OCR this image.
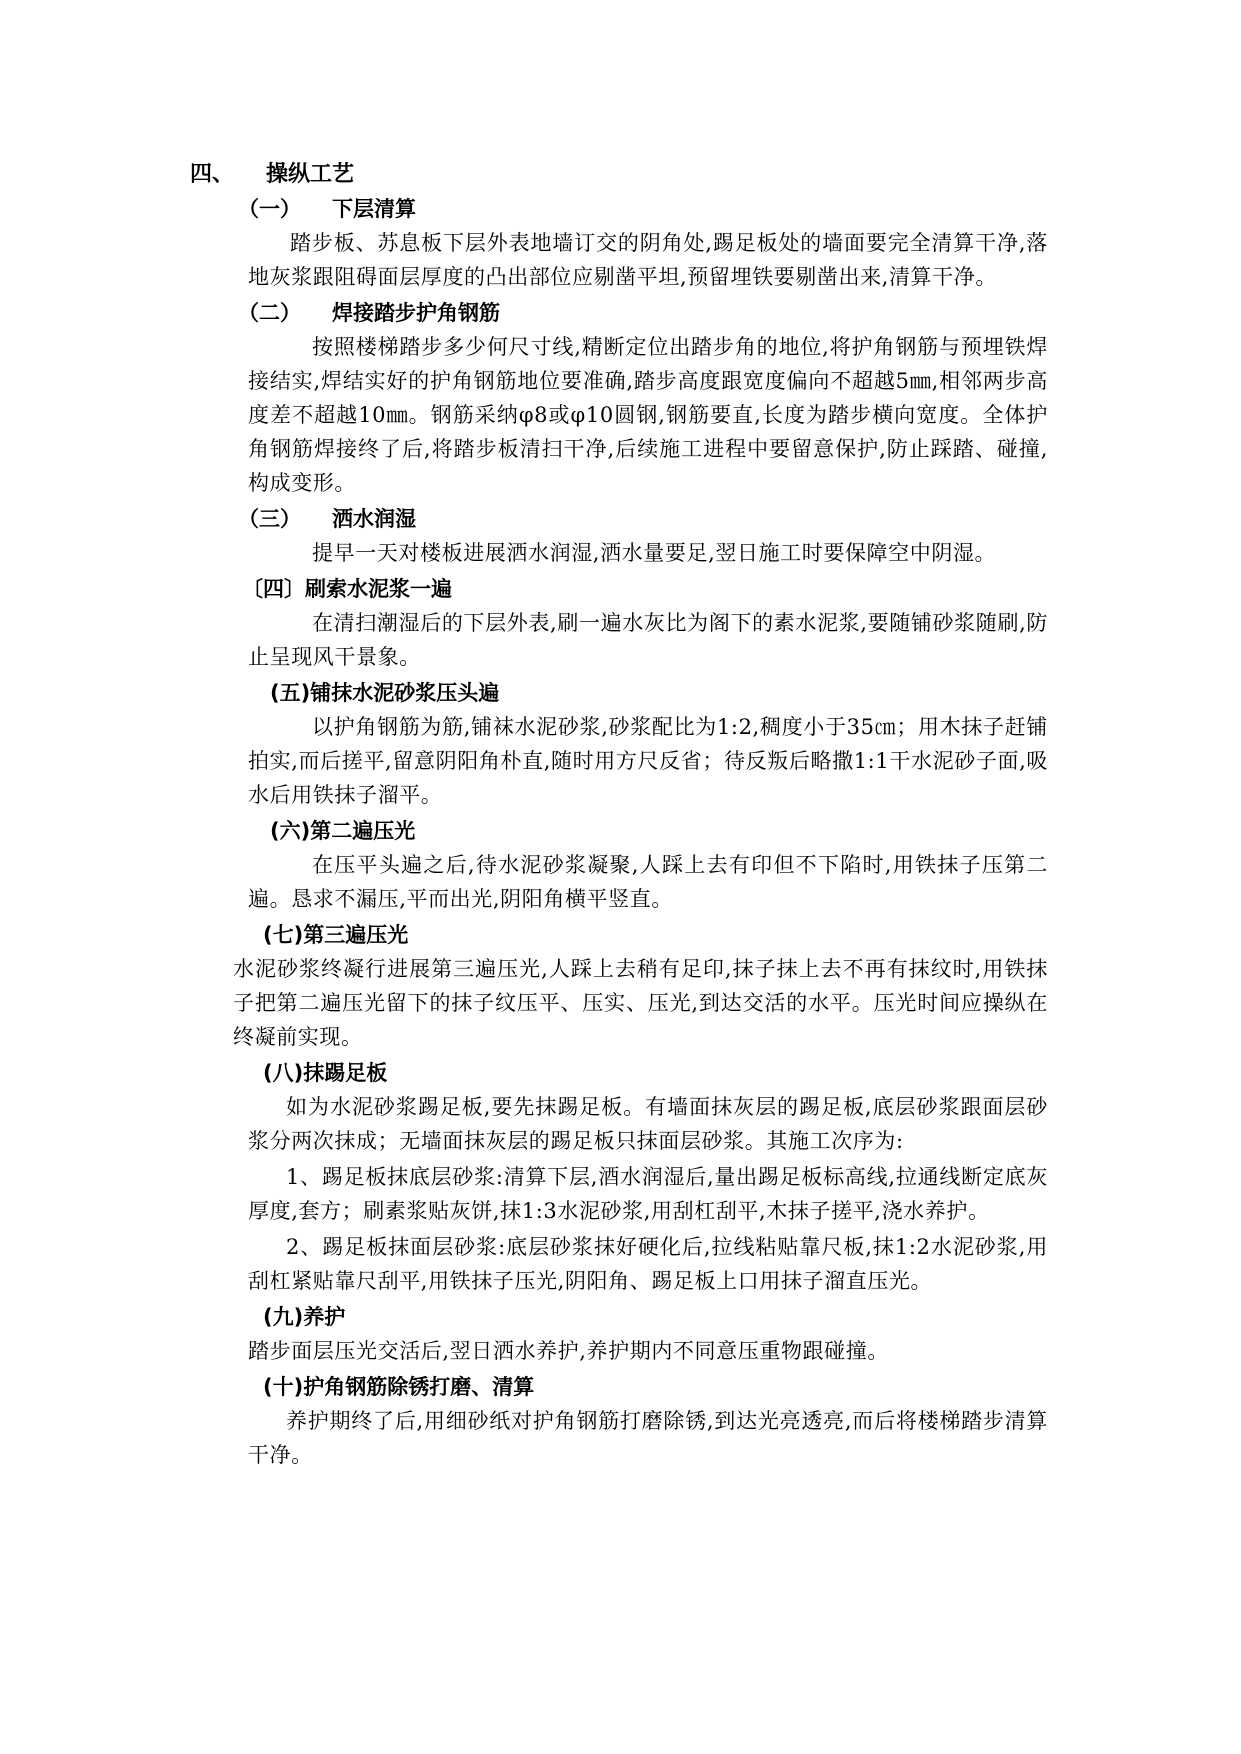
四、 操纵工艺
（一） 下层清算

踏步板、苏息板下层外表地墙订交的阴角处,踢足板处的墙面要完全清算干净,落地灰浆跟阻碍面层厚度的凸出部位应剔凿平坦,预留埋铁要剔凿出来,清算干净。

（二） 焊接踏步护角钢筋

按照楼梯踏步多少何尺寸线,精断定位出踏步角的地位,将护角钢筋与预埋铁焊接结实,焊结实好的护角钢筋地位要准确,踏步高度跟宽度偏向不超越5㎜,相邻两步高度差不超越10㎜。钢筋采纳φ8或φ10圆钢,钢筋要直,长度为踏步横向宽度。全体护角钢筋焊接终了后,将踏步板清扫干净,后续施工进程中要留意保护,防止踩踏、碰撞,构成变形。

（三） 洒水润湿

提早一天对楼板进展洒水润湿,洒水量要足,翌日施工时要保障空中阴湿。

〔四〕刷索水泥浆一遍

在清扫潮湿后的下层外表,刷一遍水灰比为阁下的素水泥浆,要随铺砂浆随刷,防止呈现风干景象。

(五)铺抹水泥砂浆压头遍

以护角钢筋为筋,铺袜水泥砂浆,砂浆配比为1:2,稠度小于35㎝；用木抹子赶铺拍实,而后搓平,留意阴阳角朴直,随时用方尺反省；待反叛后略撒1:1干水泥砂子面,吸水后用铁抹子溜平。

(六)第二遍压光

在压平头遍之后,待水泥砂浆凝聚,人踩上去有印但不下陷时,用铁抹子压第二遍。恳求不漏压,平而出光,阴阳角横平竖直。

(七)第三遍压光

水泥砂浆终凝行进展第三遍压光,人踩上去稍有足印,抹子抹上去不再有抹纹时,用铁抹子把第二遍压光留下的抹子纹压平、压实、压光,到达交活的水平。压光时间应操纵在终凝前实现。

(八)抹踢足板

如为水泥砂浆踢足板,要先抹踢足板。有墙面抹灰层的踢足板,底层砂浆跟面层砂浆分两次抹成；无墙面抹灰层的踢足板只抹面层砂浆。其施工次序为:

1、踢足板抹底层砂浆:清算下层,酒水润湿后,量出踢足板标高线,拉通线断定底灰厚度,套方；刷素浆贴灰饼,抹1:3水泥砂浆,用刮杠刮平,木抹子搓平,浇水养护。

2、踢足板抹面层砂浆:底层砂浆抹好硬化后,拉线粘贴靠尺板,抹1:2水泥砂浆,用刮杠紧贴靠尺刮平,用铁抹子压光,阴阳角、踢足板上口用抹子溜直压光。

(九)养护

踏步面层压光交活后,翌日洒水养护,养护期内不同意压重物跟碰撞。

(十)护角钢筋除锈打磨、清算

养护期终了后,用细砂纸对护角钢筋打磨除锈,到达光亮透亮,而后将楼梯踏步清算干净。
